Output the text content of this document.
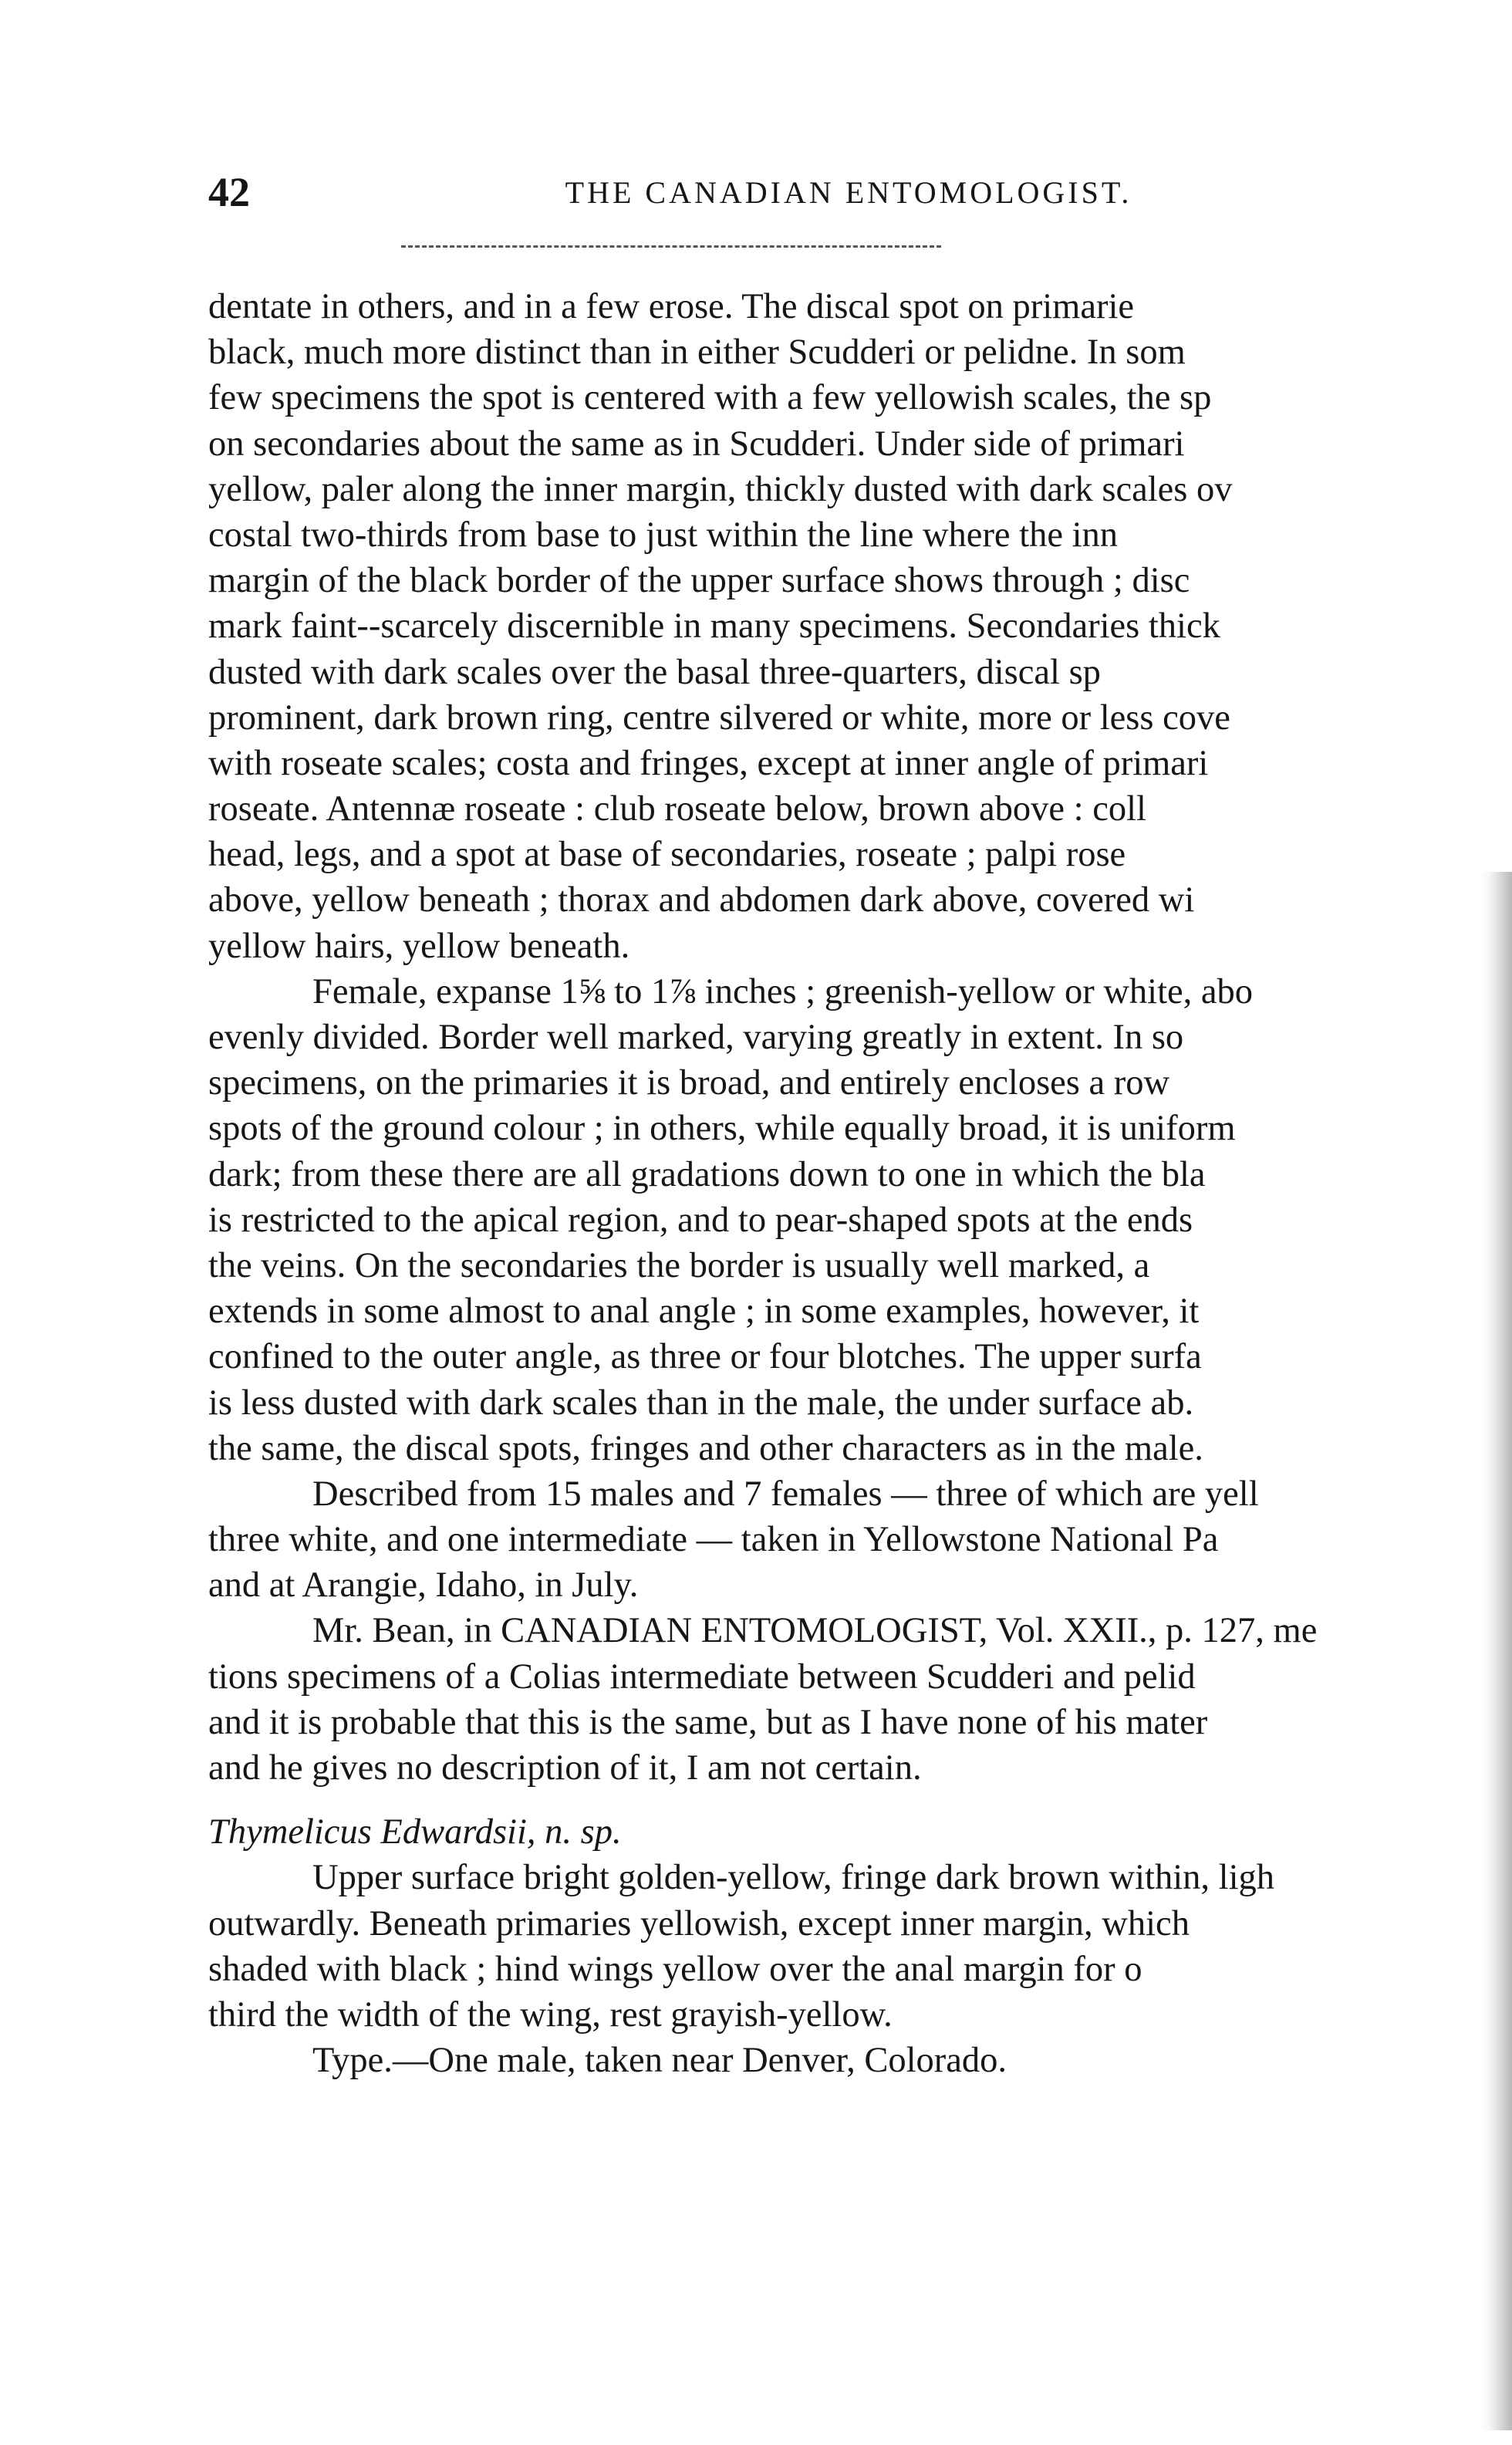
42	THE CANADIAN ENTOMOLOGIST.
dentate in others, and in a few erose. The discal spot on primarie
black, much more distinct than in either Scudderi or pelidne. In som
few specimens the spot is centered with a few yellowish scales, the sp
on secondaries about the same as in Scudderi. Under side of primari
yellow, paler along the inner margin, thickly dusted with dark scales ov
costal two-thirds from base to just within the line where the inn
margin of the black border of the upper surface shows through ; disc
mark faint--scarcely discernible in many specimens. Secondaries thick
dusted with dark scales over the basal three-quarters, discal sp
prominent, dark brown ring, centre silvered or white, more or less cove
with roseate scales; costa and fringes, except at inner angle of primari
roseate. Antennæ roseate : club roseate below, brown above : coll
head, legs, and a spot at base of secondaries, roseate ; palpi rose
above, yellow beneath ; thorax and abdomen dark above, covered wi
yellow hairs, yellow beneath.
Female, expanse 1⅝ to 1⅞ inches ; greenish-yellow or white, abo
evenly divided. Border well marked, varying greatly in extent. In so
specimens, on the primaries it is broad, and entirely encloses a row
spots of the ground colour ; in others, while equally broad, it is uniform
dark; from these there are all gradations down to one in which the bla
is restricted to the apical region, and to pear-shaped spots at the ends
the veins. On the secondaries the border is usually well marked, a
extends in some almost to anal angle ; in some examples, however, it
confined to the outer angle, as three or four blotches. The upper surfa
is less dusted with dark scales than in the male, the under surface ab.
the same, the discal spots, fringes and other characters as in the male.
Described from 15 males and 7 females — three of which are yell
three white, and one intermediate — taken in Yellowstone National Pa
and at Arangie, Idaho, in July.
Mr. Bean, in CANADIAN ENTOMOLOGIST, Vol. XXII., p. 127, me
tions specimens of a Colias intermediate between Scudderi and pelid
and it is probable that this is the same, but as I have none of his mater
and he gives no description of it, I am not certain.
Thymelicus Edwardsii, n. sp.
Upper surface bright golden-yellow, fringe dark brown within, ligh
outwardly. Beneath primaries yellowish, except inner margin, which
shaded with black ; hind wings yellow over the anal margin for o
third the width of the wing, rest grayish-yellow.
Type.—One male, taken near Denver, Colorado.
